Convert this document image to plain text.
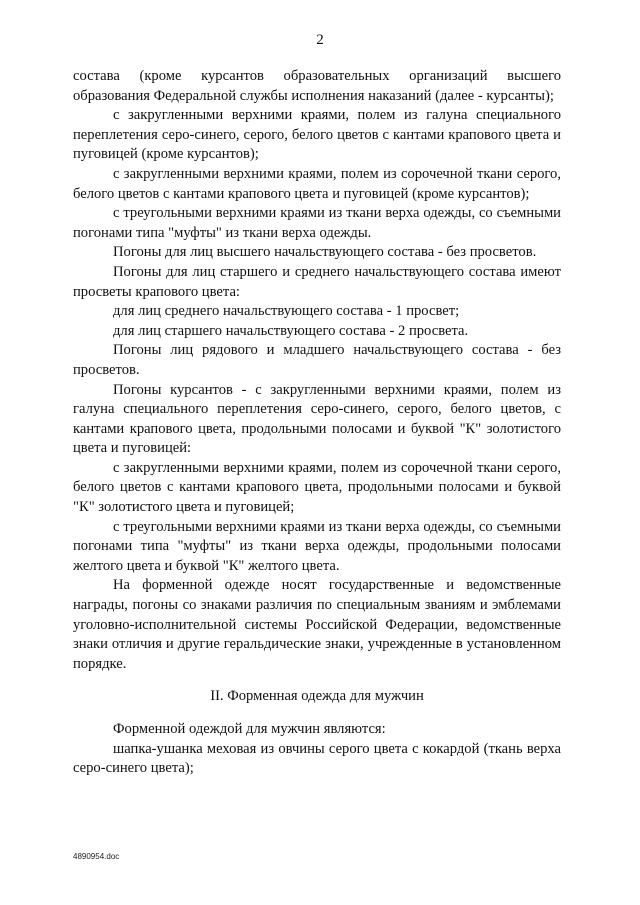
2

состава (кроме курсантов образовательных организаций высшего образования Федеральной службы исполнения наказаний (далее - курсанты);

с закругленными верхними краями, полем из галуна специального переплетения серо-синего, серого, белого цветов с кантами крапового цвета и пуговицей (кроме курсантов);

с закругленными верхними краями, полем из сорочечной ткани серого, белого цветов с кантами крапового цвета и пуговицей (кроме курсантов);

с треугольными верхними краями из ткани верха одежды, со съемными погонами типа "муфты" из ткани верха одежды.

Погоны для лиц высшего начальствующего состава - без просветов.

Погоны для лиц старшего и среднего начальствующего состава имеют просветы крапового цвета:

для лиц среднего начальствующего состава - 1 просвет;

для лиц старшего начальствующего состава - 2 просвета.

Погоны лиц рядового и младшего начальствующего состава - без просветов.

Погоны курсантов - с закругленными верхними краями, полем из галуна специального переплетения серо-синего, серого, белого цветов, с кантами крапового цвета, продольными полосами и буквой "К" золотистого цвета и пуговицей:

с закругленными верхними краями, полем из сорочечной ткани серого, белого цветов с кантами крапового цвета, продольными полосами и буквой "К" золотистого цвета и пуговицей;

с треугольными верхними краями из ткани верха одежды, со съемными погонами типа "муфты" из ткани верха одежды, продольными полосами желтого цвета и буквой "К" желтого цвета.

На форменной одежде носят государственные и ведомственные награды, погоны со знаками различия по специальным званиям и эмблемами уголовно-исполнительной системы Российской Федерации, ведомственные знаки отличия и другие геральдические знаки, учрежденные в установленном порядке.

II. Форменная одежда для мужчин

Форменной одеждой для мужчин являются:

шапка-ушанка меховая из овчины серого цвета с кокардой (ткань верха серо-синего цвета);

4890954.doc
